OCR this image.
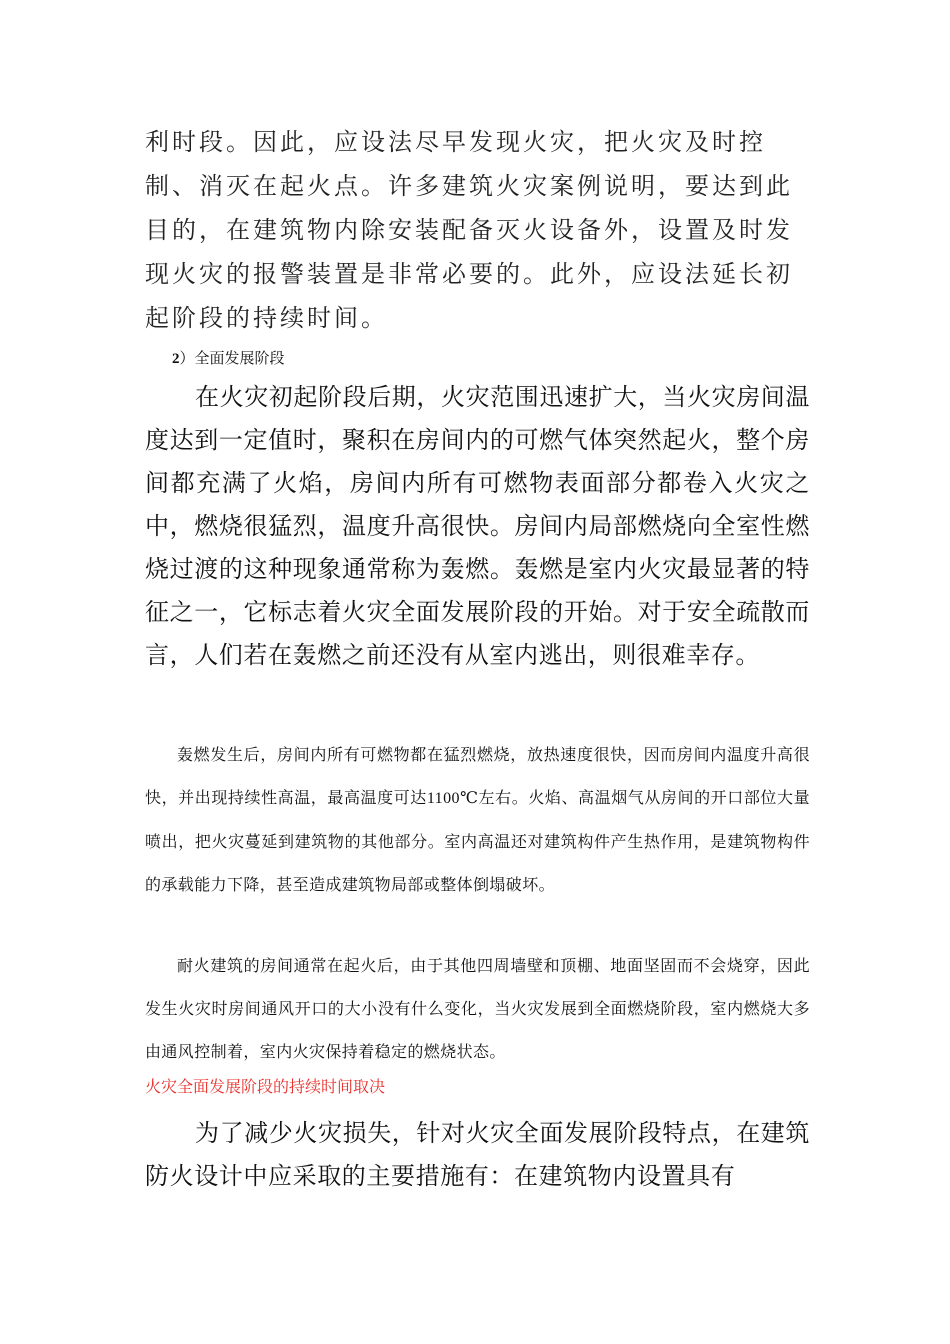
利时段。因此，应设法尽早发现火灾，把火灾及时控制、消灭在起火点。许多建筑火灾案例说明，要达到此目的，在建筑物内除安装配备灭火设备外，设置及时发现火灾的报警装置是非常必要的。此外，应设法延长初起阶段的持续时间。

2）全面发展阶段

在火灾初起阶段后期，火灾范围迅速扩大，当火灾房间温度达到一定值时，聚积在房间内的可燃气体突然起火，整个房间都充满了火焰，房间内所有可燃物表面部分都卷入火灾之中，燃烧很猛烈，温度升高很快。房间内局部燃烧向全室性燃烧过渡的这种现象通常称为轰燃。轰燃是室内火灾最显著的特征之一，它标志着火灾全面发展阶段的开始。对于安全疏散而言，人们若在轰燃之前还没有从室内逃出，则很难幸存。

轰燃发生后，房间内所有可燃物都在猛烈燃烧，放热速度很快，因而房间内温度升高很快，并出现持续性高温，最高温度可达1100℃左右。火焰、高温烟气从房间的开口部位大量喷出，把火灾蔓延到建筑物的其他部分。室内高温还对建筑构件产生热作用，是建筑物构件的承载能力下降，甚至造成建筑物局部或整体倒塌破坏。

耐火建筑的房间通常在起火后，由于其他四周墙壁和顶棚、地面坚固而不会烧穿，因此发生火灾时房间通风开口的大小没有什么变化，当火灾发展到全面燃烧阶段，室内燃烧大多由通风控制着，室内火灾保持着稳定的燃烧状态。

火灾全面发展阶段的持续时间取决

为了减少火灾损失，针对火灾全面发展阶段特点，在建筑防火设计中应采取的主要措施有：在建筑物内设置具有
